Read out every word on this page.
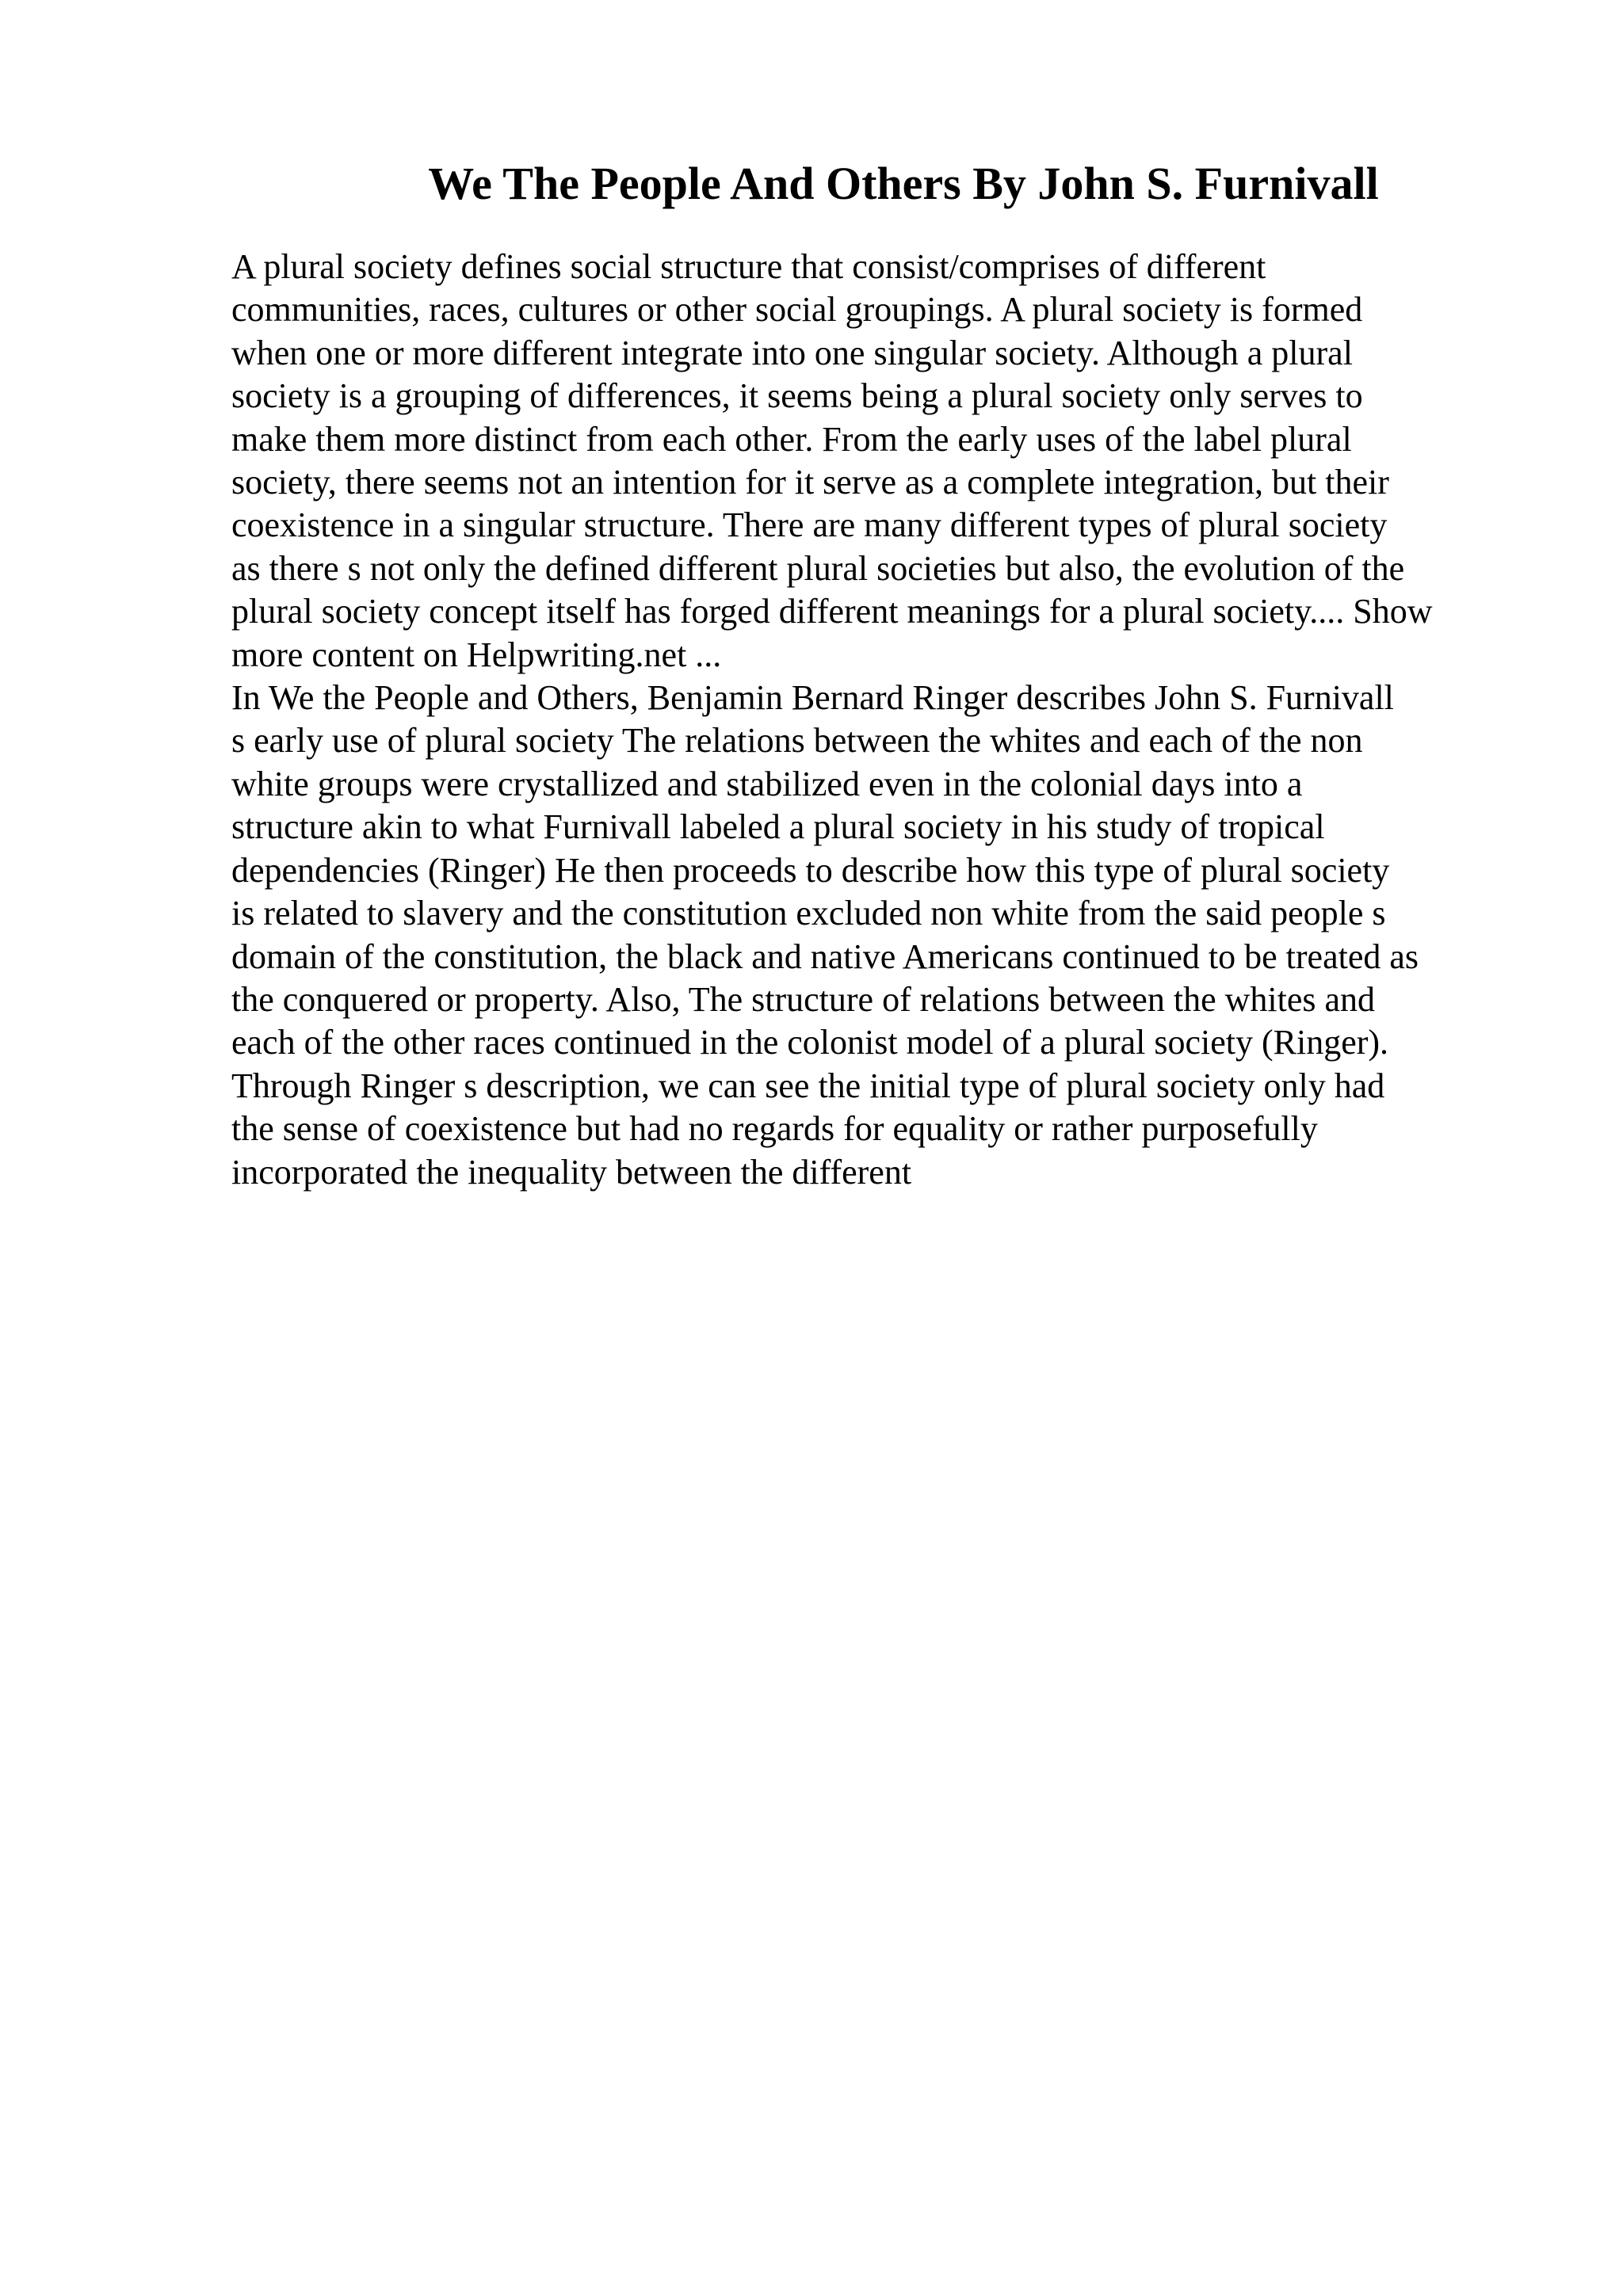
We The People And Others By John S. Furnivall
A plural society defines social structure that consist/comprises of different
communities, races, cultures or other social groupings. A plural society is formed
when one or more different integrate into one singular society. Although a plural
society is a grouping of differences, it seems being a plural society only serves to
make them more distinct from each other. From the early uses of the label plural
society, there seems not an intention for it serve as a complete integration, but their
coexistence in a singular structure. There are many different types of plural society
as there s not only the defined different plural societies but also, the evolution of the
plural society concept itself has forged different meanings for a plural society.... Show
more content on Helpwriting.net ...
In We the People and Others, Benjamin Bernard Ringer describes John S. Furnivall
s early use of plural society The relations between the whites and each of the non
white groups were crystallized and stabilized even in the colonial days into a
structure akin to what Furnivall labeled a plural society in his study of tropical
dependencies (Ringer) He then proceeds to describe how this type of plural society
is related to slavery and the constitution excluded non white from the said people s
domain of the constitution, the black and native Americans continued to be treated as
the conquered or property. Also, The structure of relations between the whites and
each of the other races continued in the colonist model of a plural society (Ringer).
Through Ringer s description, we can see the initial type of plural society only had
the sense of coexistence but had no regards for equality or rather purposefully
incorporated the inequality between the different
